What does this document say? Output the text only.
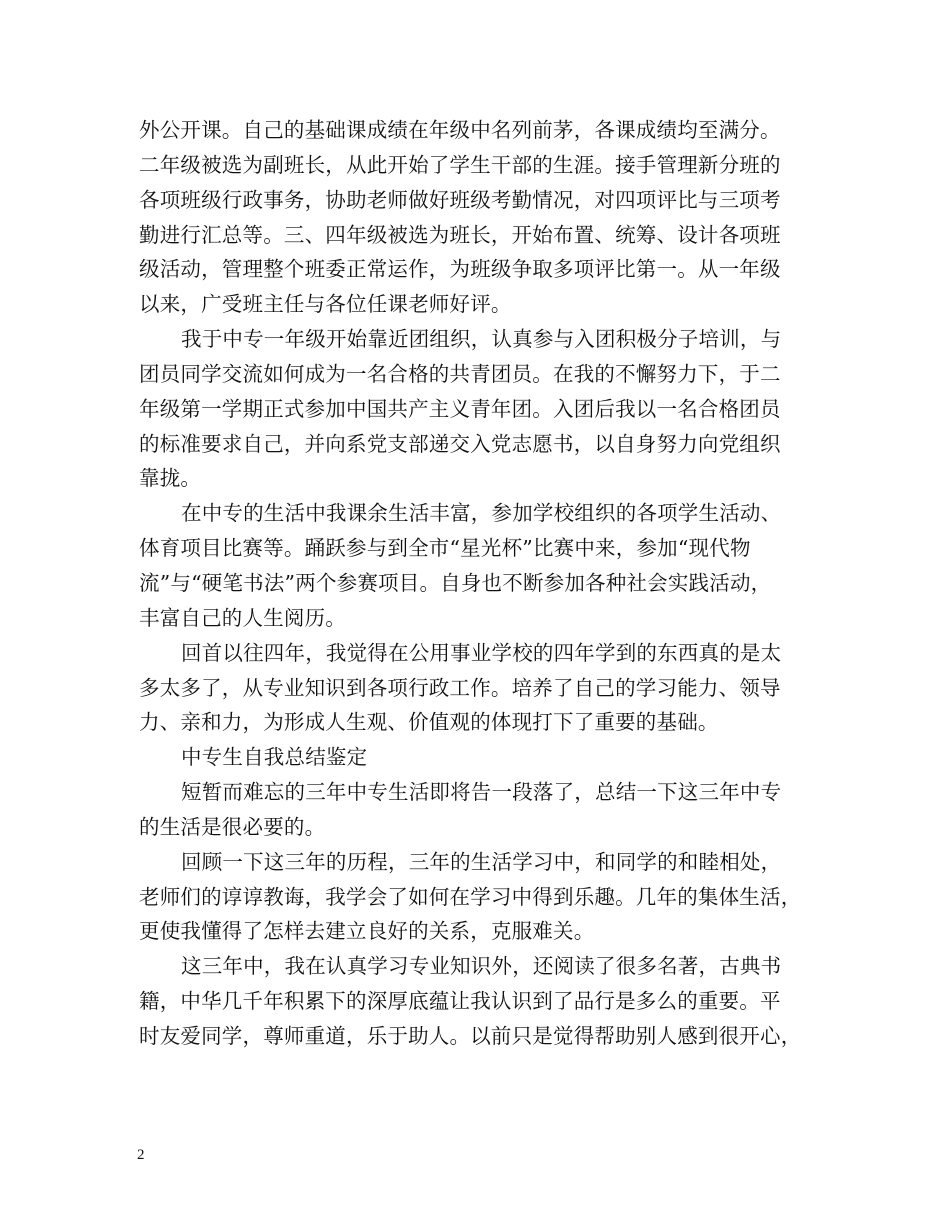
外公开课。自己的基础课成绩在年级中名列前茅，各课成绩均至满分。
二年级被选为副班长，从此开始了学生干部的生涯。接手管理新分班的
各项班级行政事务，协助老师做好班级考勤情况，对四项评比与三项考
勤进行汇总等。三、四年级被选为班长，开始布置、统筹、设计各项班
级活动，管理整个班委正常运作，为班级争取多项评比第一。从一年级
以来，广受班主任与各位任课老师好评。
我于中专一年级开始靠近团组织，认真参与入团积极分子培训，与
团员同学交流如何成为一名合格的共青团员。在我的不懈努力下，于二
年级第一学期正式参加中国共产主义青年团。入团后我以一名合格团员
的标准要求自己，并向系党支部递交入党志愿书，以自身努力向党组织
靠拢。
在中专的生活中我课余生活丰富，参加学校组织的各项学生活动、
体育项目比赛等。踊跃参与到全市“星光杯”比赛中来，参加“现代物
流”与“硬笔书法”两个参赛项目。自身也不断参加各种社会实践活动，
丰富自己的人生阅历。
回首以往四年，我觉得在公用事业学校的四年学到的东西真的是太
多太多了，从专业知识到各项行政工作。培养了自己的学习能力、领导
力、亲和力，为形成人生观、价值观的体现打下了重要的基础。
中专生自我总结鉴定
短暂而难忘的三年中专生活即将告一段落了，总结一下这三年中专
的生活是很必要的。
回顾一下这三年的历程，三年的生活学习中，和同学的和睦相处，
老师们的谆谆教诲，我学会了如何在学习中得到乐趣。几年的集体生活，
更使我懂得了怎样去建立良好的关系，克服难关。
这三年中，我在认真学习专业知识外，还阅读了很多名著，古典书
籍，中华几千年积累下的深厚底蕴让我认识到了品行是多么的重要。平
时友爱同学，尊师重道，乐于助人。以前只是觉得帮助别人感到很开心，
2
